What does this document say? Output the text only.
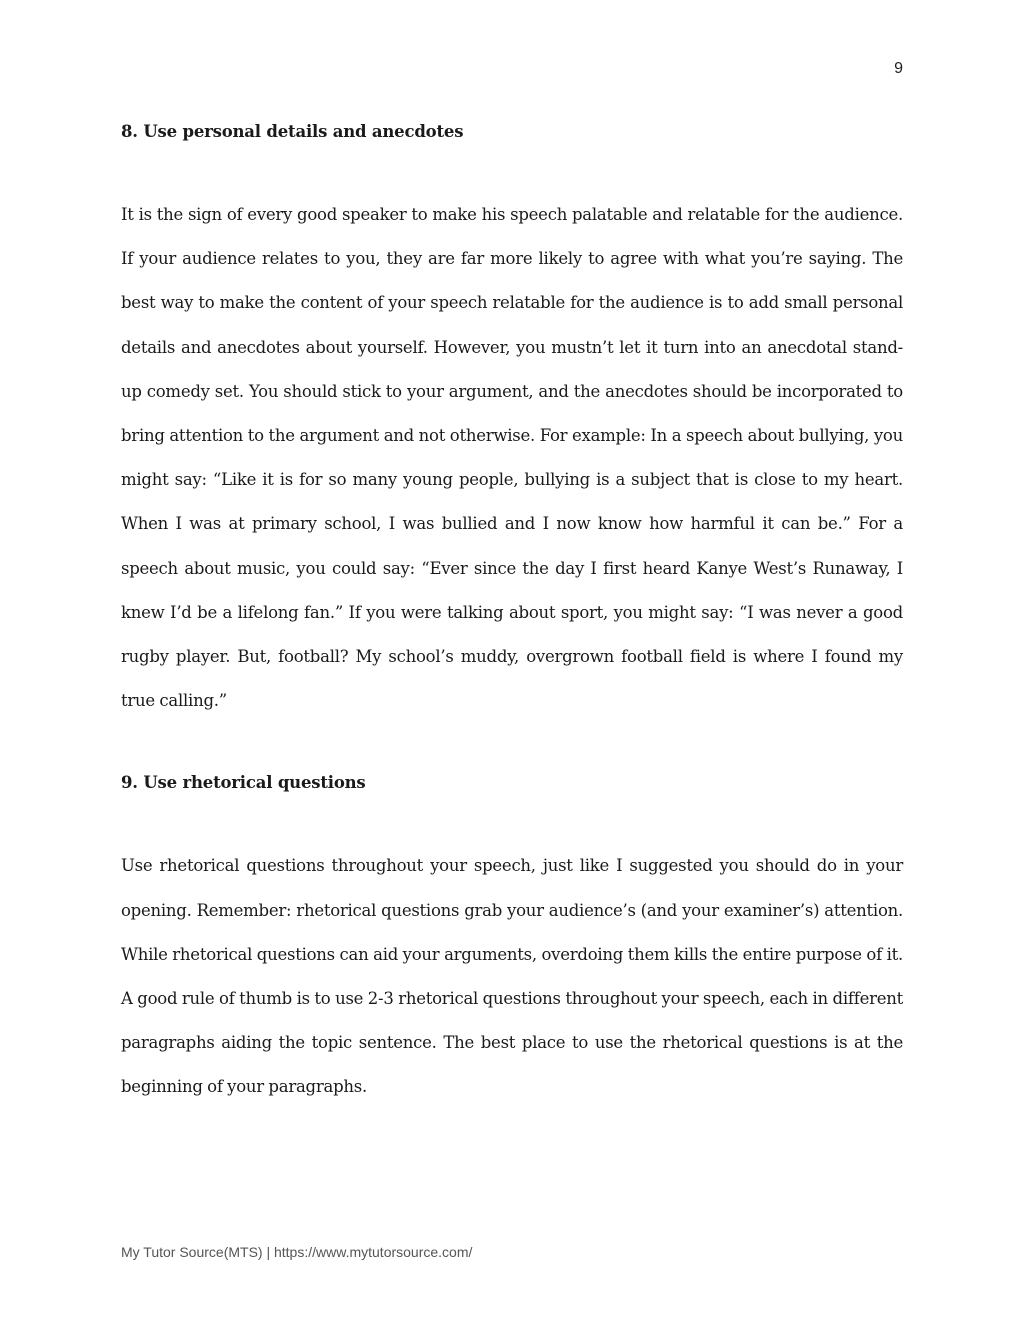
9
8. Use personal details and anecdotes

It is the sign of every good speaker to make his speech palatable and relatable for the audience. If your audience relates to you, they are far more likely to agree with what you’re saying. The best way to make the content of your speech relatable for the audience is to add small personal details and anecdotes about yourself. However, you mustn’t let it turn into an anecdotal stand-up comedy set. You should stick to your argument, and the anecdotes should be incorporated to bring attention to the argument and not otherwise. For example: In a speech about bullying, you might say: “Like it is for so many young people, bullying is a subject that is close to my heart. When I was at primary school, I was bullied and I now know how harmful it can be.” For a speech about music, you could say: “Ever since the day I first heard Kanye West’s Runaway, I knew I’d be a lifelong fan.” If you were talking about sport, you might say: “I was never a good rugby player. But, football? My school’s muddy, overgrown football field is where I found my true calling.”

9. Use rhetorical questions

Use rhetorical questions throughout your speech, just like I suggested you should do in your opening. Remember: rhetorical questions grab your audience’s (and your examiner’s) attention. While rhetorical questions can aid your arguments, overdoing them kills the entire purpose of it. A good rule of thumb is to use 2-3 rhetorical questions throughout your speech, each in different paragraphs aiding the topic sentence. The best place to use the rhetorical questions is at the beginning of your paragraphs.

My Tutor Source(MTS) | https://www.mytutorsource.com/
